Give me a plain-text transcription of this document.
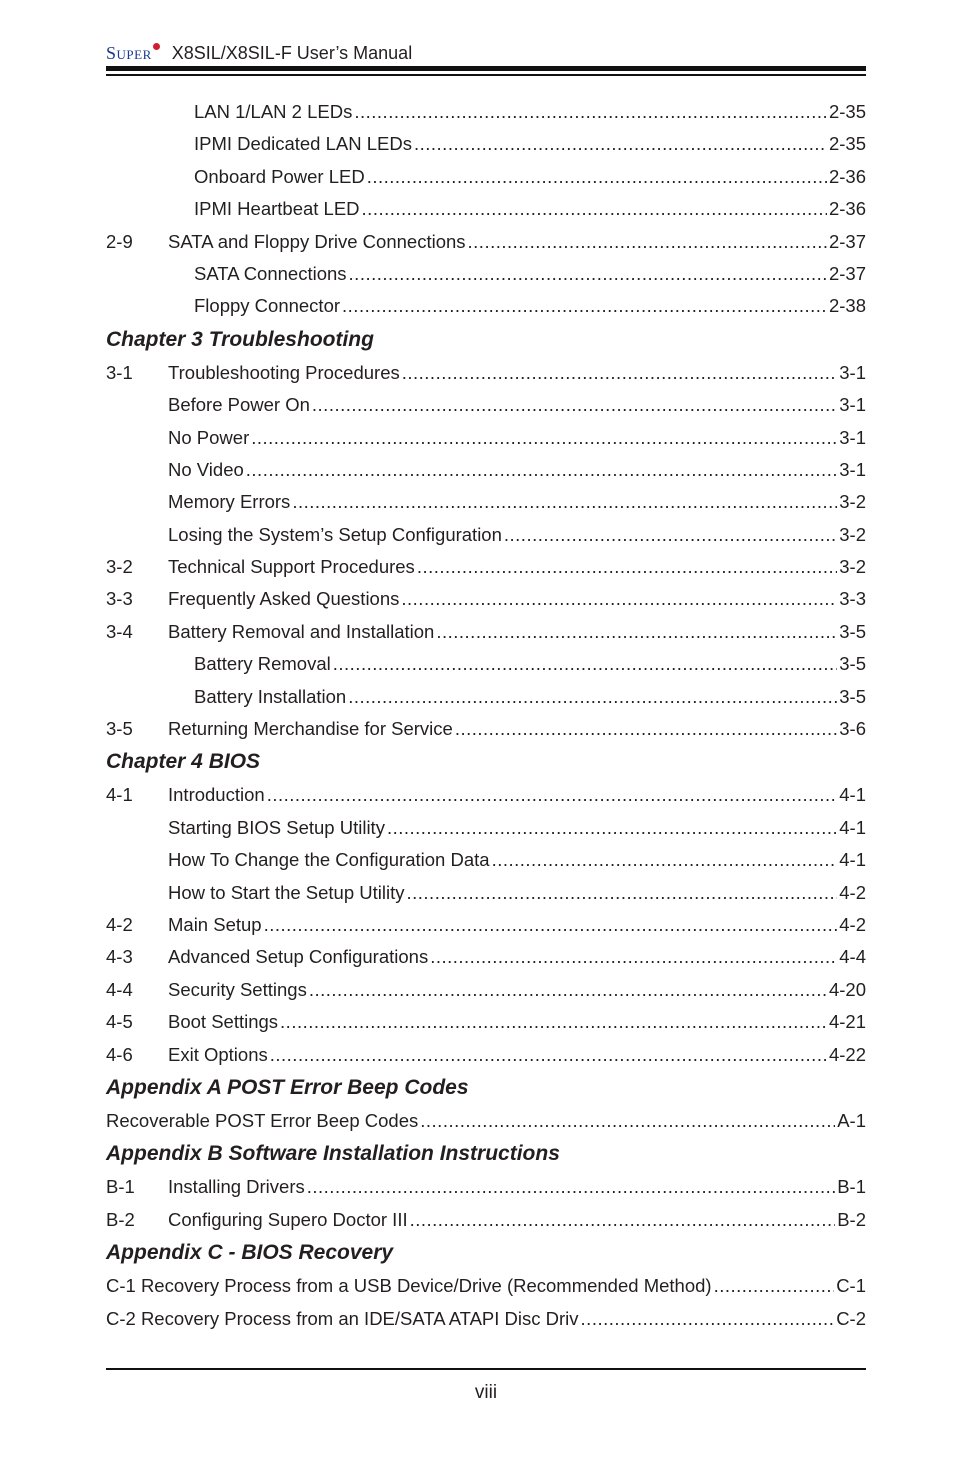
Super	X8SIL/X8SIL-F User’s Manual
LAN 1/LAN 2 LEDs .....	2-35
IPMI Dedicated LAN LEDs .....	2-35
Onboard Power LED .....	2-36
IPMI Heartbeat LED .....	2-36
2-9	SATA and Floppy Drive Connections .....	2-37
SATA Connections .....	2-37
Floppy Connector .....	2-38
Chapter 3 Troubleshooting
3-1	Troubleshooting Procedures .....	3-1
Before Power On .....	3-1
No Power .....	3-1
No Video .....	3-1
Memory Errors .....	3-2
Losing the System’s Setup Configuration .....	3-2
3-2	Technical Support Procedures .....	3-2
3-3	Frequently Asked Questions .....	3-3
3-4	Battery Removal and Installation .....	3-5
Battery Removal .....	3-5
Battery Installation .....	3-5
3-5	Returning Merchandise for Service .....	3-6
Chapter 4 BIOS
4-1	Introduction .....	4-1
Starting BIOS Setup Utility .....	4-1
How To Change the Configuration Data .....	4-1
How to Start the Setup Utility .....	4-2
4-2	Main Setup .....	4-2
4-3	Advanced Setup Configurations .....	4-4
4-4	Security Settings .....	4-20
4-5	Boot Settings .....	4-21
4-6	Exit Options .....	4-22
Appendix A POST Error Beep Codes
Recoverable POST Error Beep Codes .....	A-1
Appendix B Software Installation Instructions
B-1	Installing Drivers .....	B-1
B-2	Configuring Supero Doctor III .....	B-2
Appendix C - BIOS Recovery
C-1 Recovery Process from a USB Device/Drive (Recommended Method) .....	C-1
C-2 Recovery Process from an IDE/SATA ATAPI Disc Driv .....	C-2
viii
